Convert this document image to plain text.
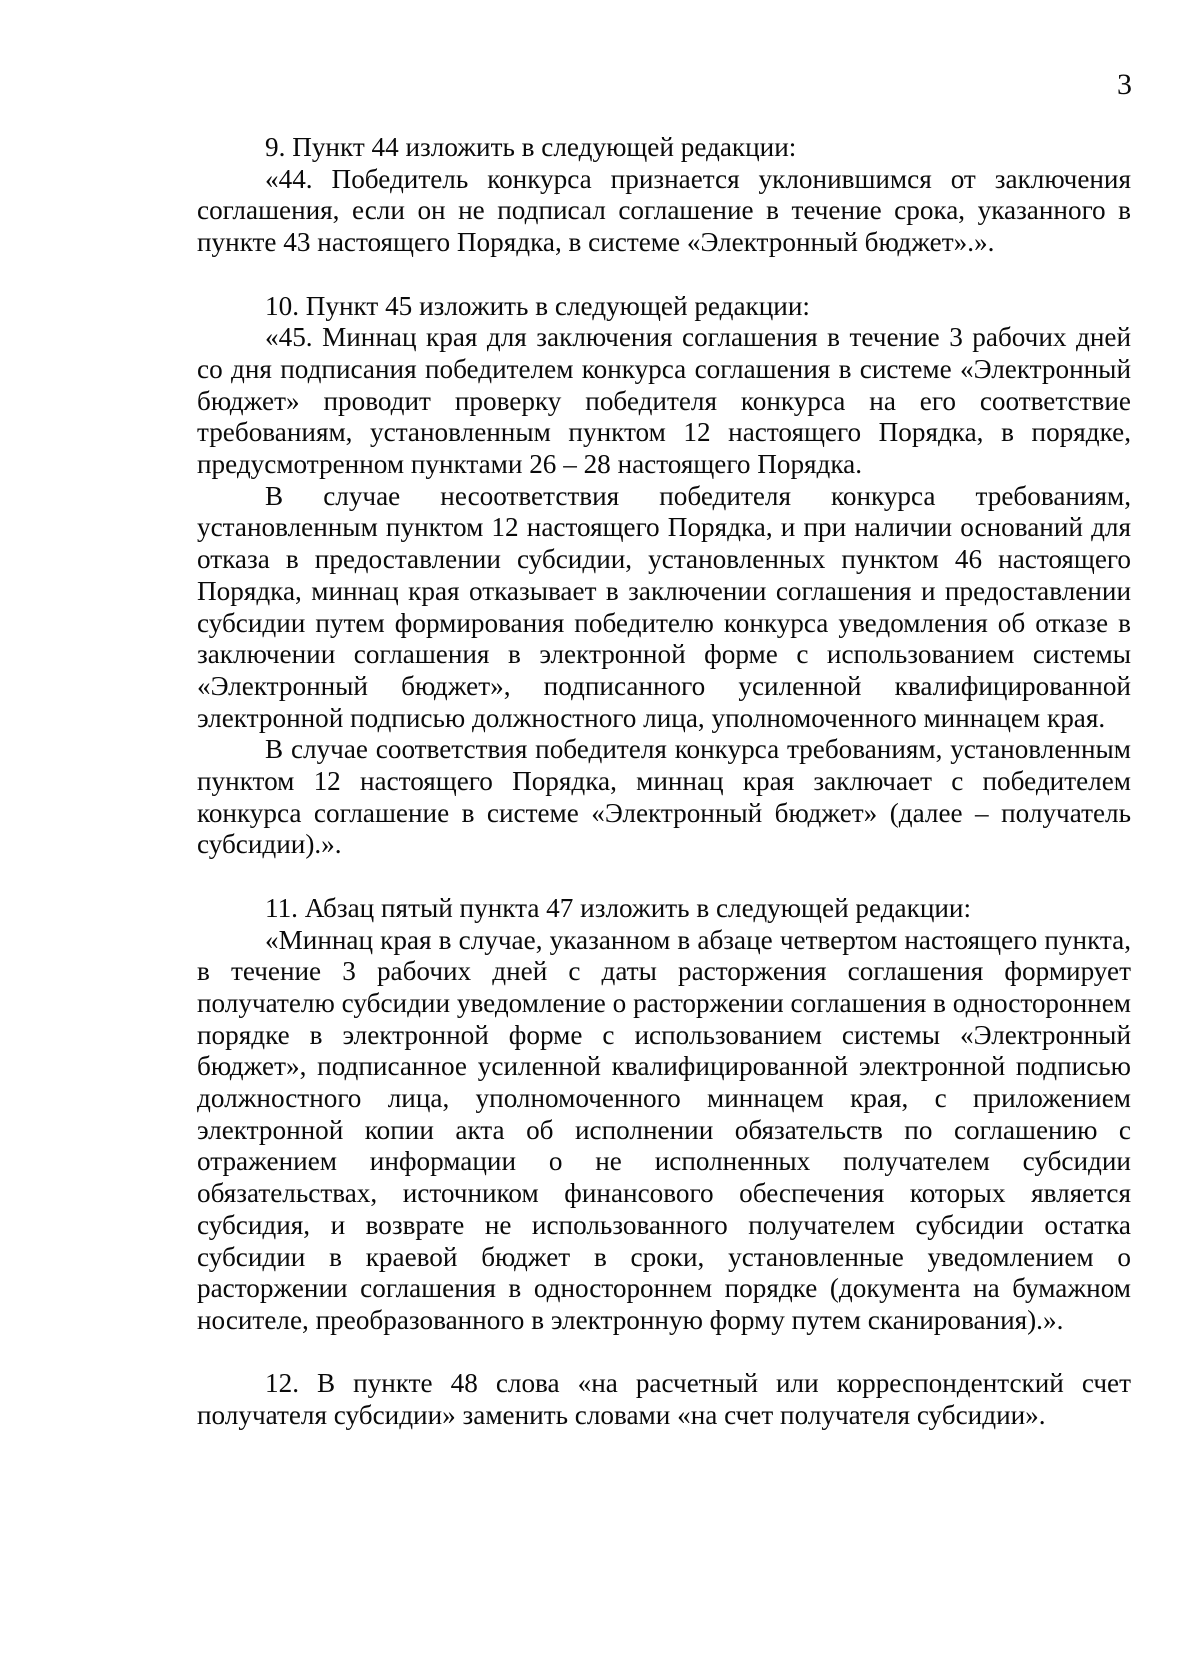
3

9. Пункт 44 изложить в следующей редакции:

«44. Победитель конкурса признается уклонившимся от заключения соглашения, если он не подписал соглашение в течение срока, указанного в пункте 43 настоящего Порядка, в системе «Электронный бюджет».».

10. Пункт 45 изложить в следующей редакции:

«45. Миннац края для заключения соглашения в течение 3 рабочих дней со дня подписания победителем конкурса соглашения в системе «Электронный бюджет» проводит проверку победителя конкурса на его соответствие требованиям, установленным пунктом 12 настоящего Порядка, в порядке, предусмотренном пунктами 26 – 28 настоящего Порядка.

В случае несоответствия победителя конкурса требованиям, установленным пунктом 12 настоящего Порядка, и при наличии оснований для отказа в предоставлении субсидии, установленных пунктом 46 настоящего Порядка, миннац края отказывает в заключении соглашения и предоставлении субсидии путем формирования победителю конкурса уведомления об отказе в заключении соглашения в электронной форме с использованием системы «Электронный бюджет», подписанного усиленной квалифицированной электронной подписью должностного лица, уполномоченного миннацем края.

В случае соответствия победителя конкурса требованиям, установленным пунктом 12 настоящего Порядка, миннац края заключает с победителем конкурса соглашение в системе «Электронный бюджет» (далее – получатель субсидии).».

11. Абзац пятый пункта 47 изложить в следующей редакции:

«Миннац края в случае, указанном в абзаце четвертом настоящего пункта, в течение 3 рабочих дней с даты расторжения соглашения формирует получателю субсидии уведомление о расторжении соглашения в одностороннем порядке в электронной форме с использованием системы «Электронный бюджет», подписанное усиленной квалифицированной электронной подписью должностного лица, уполномоченного миннацем края, с приложением электронной копии акта об исполнении обязательств по соглашению с отражением информации о не исполненных получателем субсидии обязательствах, источником финансового обеспечения которых является субсидия, и возврате не использованного получателем субсидии остатка субсидии в краевой бюджет в сроки, установленные уведомлением о расторжении соглашения в одностороннем порядке (документа на бумажном носителе, преобразованного в электронную форму путем сканирования).».

12. В пункте 48 слова «на расчетный или корреспондентский счет получателя субсидии» заменить словами «на счет получателя субсидии».
